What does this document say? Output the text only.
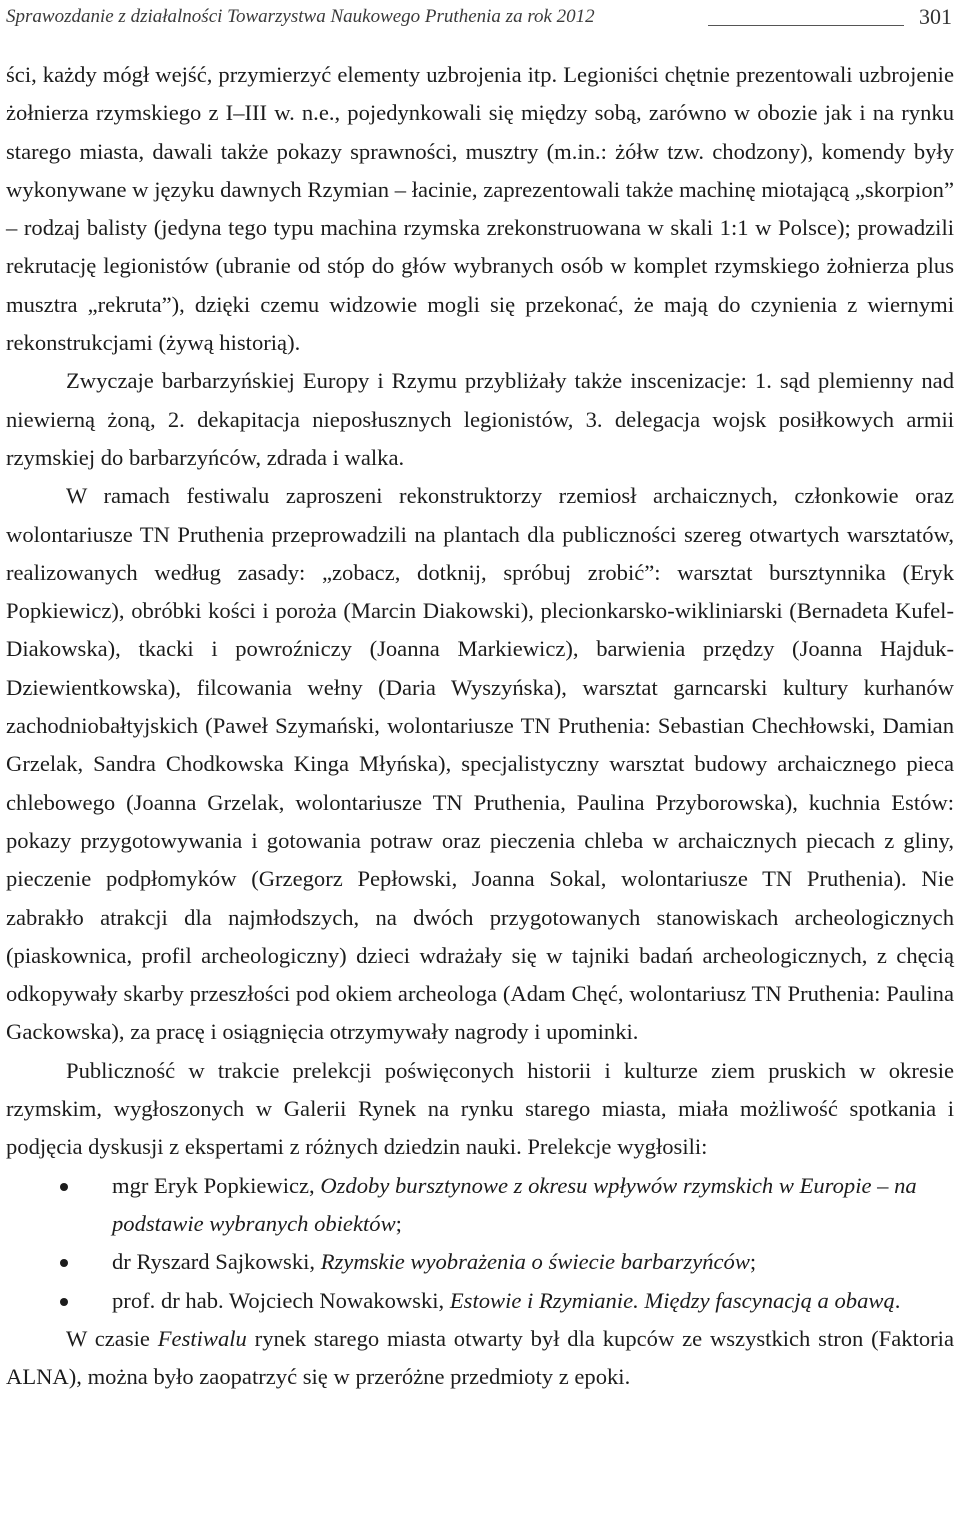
Sprawozdanie z działalności Towarzystwa Naukowego Pruthenia za rok 2012	301

ści, każdy mógł wejść, przymierzyć elementy uzbrojenia itp. Legioniści chętnie prezentowali uzbrojenie żołnierza rzymskiego z I–III w. n.e., pojedynkowali się między sobą, zarówno w obozie jak i na rynku starego miasta, dawali także pokazy sprawności, musztry (m.in.: żółw tzw. chodzony), komendy były wykonywane w języku dawnych Rzymian – łacinie, zaprezentowali także machinę miotającą „skorpion” – rodzaj balisty (jedyna tego typu machina rzymska zrekonstruowana w skali 1:1 w Polsce); prowadzili rekrutację legionistów (ubranie od stóp do głów wybranych osób w komplet rzymskiego żołnierza plus musztra „rekruta”), dzięki czemu widzowie mogli się przekonać, że mają do czynienia z wiernymi rekonstrukcjami (żywą historią).

Zwyczaje barbarzyńskiej Europy i Rzymu przybliżały także inscenizacje: 1. sąd plemienny nad niewierną żoną, 2. dekapitacja nieposłusznych legionistów, 3. delegacja wojsk posiłkowych armii rzymskiej do barbarzyńców, zdrada i walka.

W ramach festiwalu zaproszeni rekonstruktorzy rzemiosł archaicznych, członkowie oraz wolontariusze TN Pruthenia przeprowadzili na plantach dla publiczności szereg otwartych warsztatów, realizowanych według zasady: „zobacz, dotknij, spróbuj zrobić”: warsztat bursztynnika (Eryk Popkiewicz), obróbki kości i poroża (Marcin Diakowski), plecionkarsko-wikliniarski (Bernadeta Kufel-Diakowska), tkacki i powroźniczy (Joanna Markiewicz), barwienia przędzy (Joanna Hajduk-Dziewientkowska), filcowania wełny (Daria Wyszyńska), warsztat garncarski kultury kurhanów zachodniobałtyjskich (Paweł Szymański, wolontariusze TN Pruthenia: Sebastian Chechłowski, Damian Grzelak, Sandra Chodkowska Kinga Młyńska), specjalistyczny warsztat budowy archaicznego pieca chlebowego (Joanna Grzelak, wolontariusze TN Pruthenia, Paulina Przyborowska), kuchnia Estów: pokazy przygotowywania i gotowania potraw oraz pieczenia chleba w archaicznych piecach z gliny, pieczenie podpłomyków (Grzegorz Pepłowski, Joanna Sokal, wolontariusze TN Pruthenia). Nie zabrakło atrakcji dla najmłodszych, na dwóch przygotowanych stanowiskach archeologicznych (piaskownica, profil archeologiczny) dzieci wdrażały się w tajniki badań archeologicznych, z chęcią odkopywały skarby przeszłości pod okiem archeologa (Adam Chęć, wolontariusz TN Pruthenia: Paulina Gackowska), za pracę i osiągnięcia otrzymywały nagrody i upominki.

Publiczność w trakcie prelekcji poświęconych historii i kulturze ziem pruskich w okresie rzymskim, wygłoszonych w Galerii Rynek na rynku starego miasta, miała możliwość spotkania i podjęcia dyskusji z ekspertami z różnych dziedzin nauki. Prelekcje wygłosili:

mgr Eryk Popkiewicz, Ozdoby bursztynowe z okresu wpływów rzymskich w Europie – na podstawie wybranych obiektów;
dr Ryszard Sajkowski, Rzymskie wyobrażenia o świecie barbarzyńców;
prof. dr hab. Wojciech Nowakowski, Estowie i Rzymianie. Między fascynacją a obawą.

W czasie Festiwalu rynek starego miasta otwarty był dla kupców ze wszystkich stron (Faktoria ALNA), można było zaopatrzyć się w przeróżne przedmioty z epoki.
